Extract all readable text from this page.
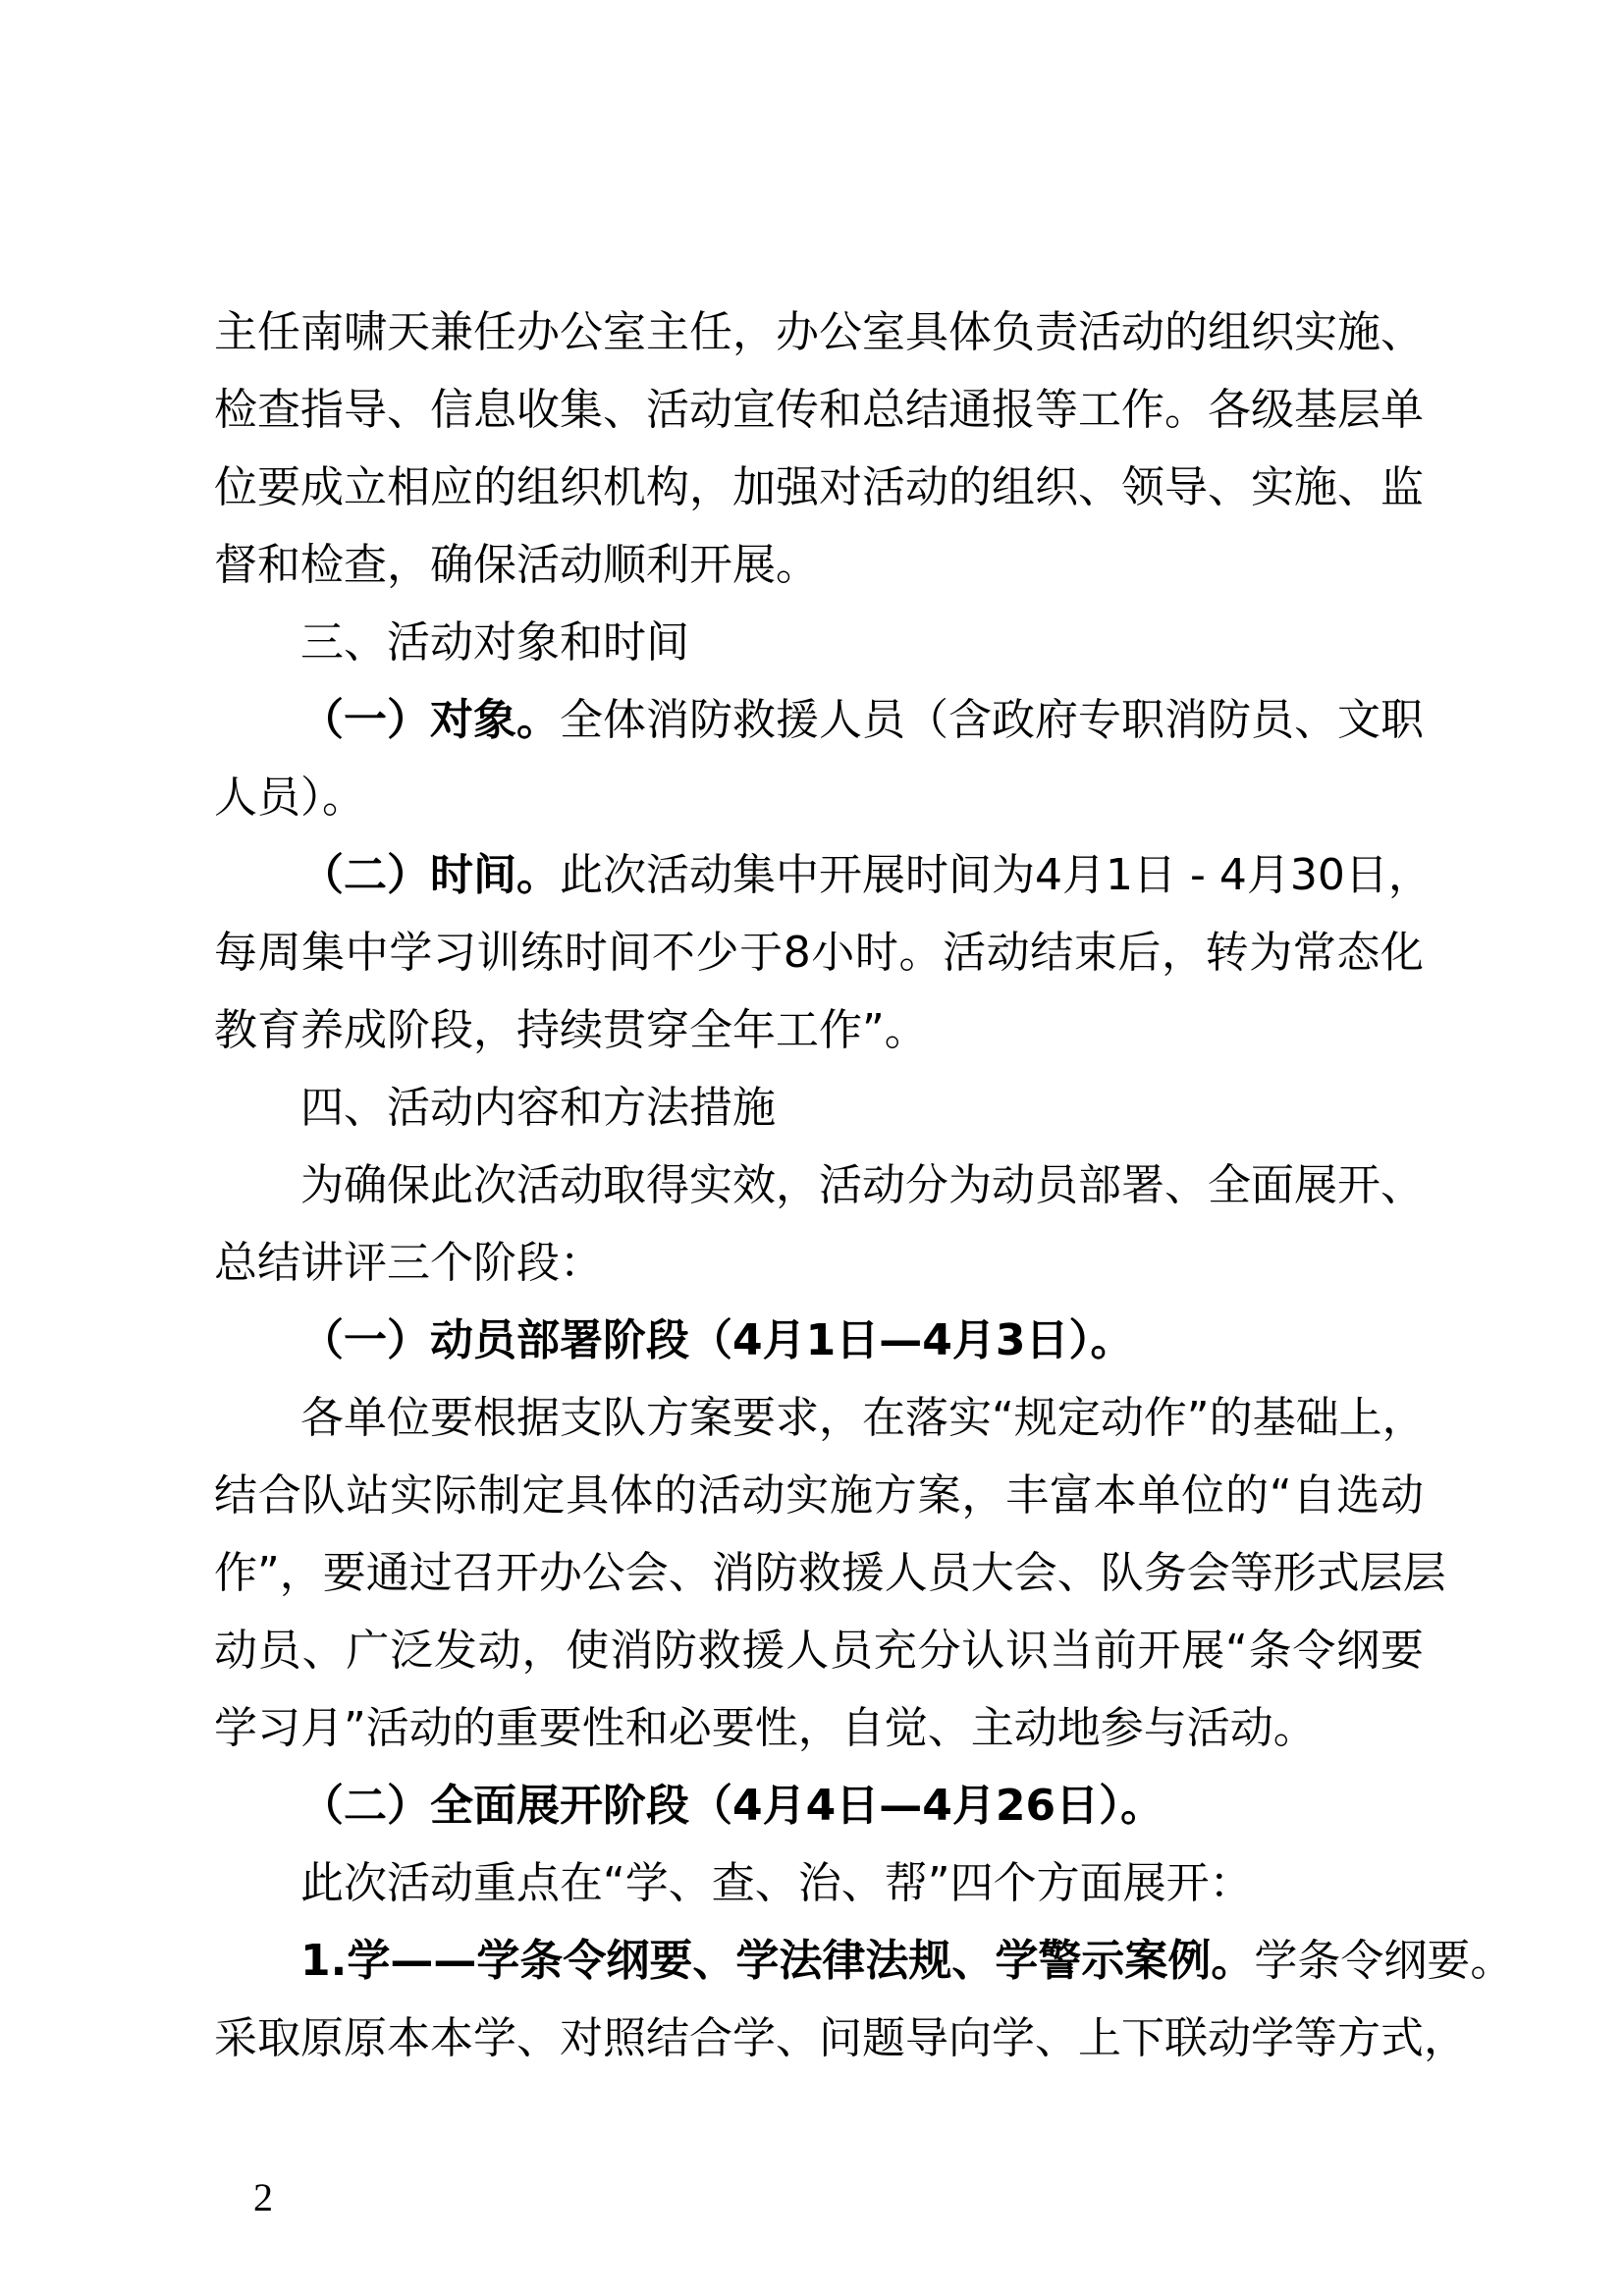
主任南啸天兼任办公室主任，办公室具体负责活动的组织实施、
检查指导、信息收集、活动宣传和总结通报等工作。各级基层单
位要成立相应的组织机构，加强对活动的组织、领导、实施、监
督和检查，确保活动顺利开展。
三、活动对象和时间
（一）对象。全体消防救援人员（含政府专职消防员、文职
人员）。
（二）时间。此次活动集中开展时间为4月1日 - 4月30日，
每周集中学习训练时间不少于8小时。活动结束后，转为常态化
教育养成阶段，持续贯穿全年工作”。
四、活动内容和方法措施
为确保此次活动取得实效，活动分为动员部署、全面展开、
总结讲评三个阶段：
（一）动员部署阶段（4月1日—4月3日）。
各单位要根据支队方案要求，在落实“规定动作”的基础上，
结合队站实际制定具体的活动实施方案，丰富本单位的“自选动
作”，要通过召开办公会、消防救援人员大会、队务会等形式层层
动员、广泛发动，使消防救援人员充分认识当前开展“条令纲要
学习月”活动的重要性和必要性，自觉、主动地参与活动。
（二）全面展开阶段（4月4日—4月26日）。
此次活动重点在“学、查、治、帮”四个方面展开：
1.学——学条令纲要、学法律法规、学警示案例。学条令纲要。
采取原原本本学、对照结合学、问题导向学、上下联动学等方式，
2
